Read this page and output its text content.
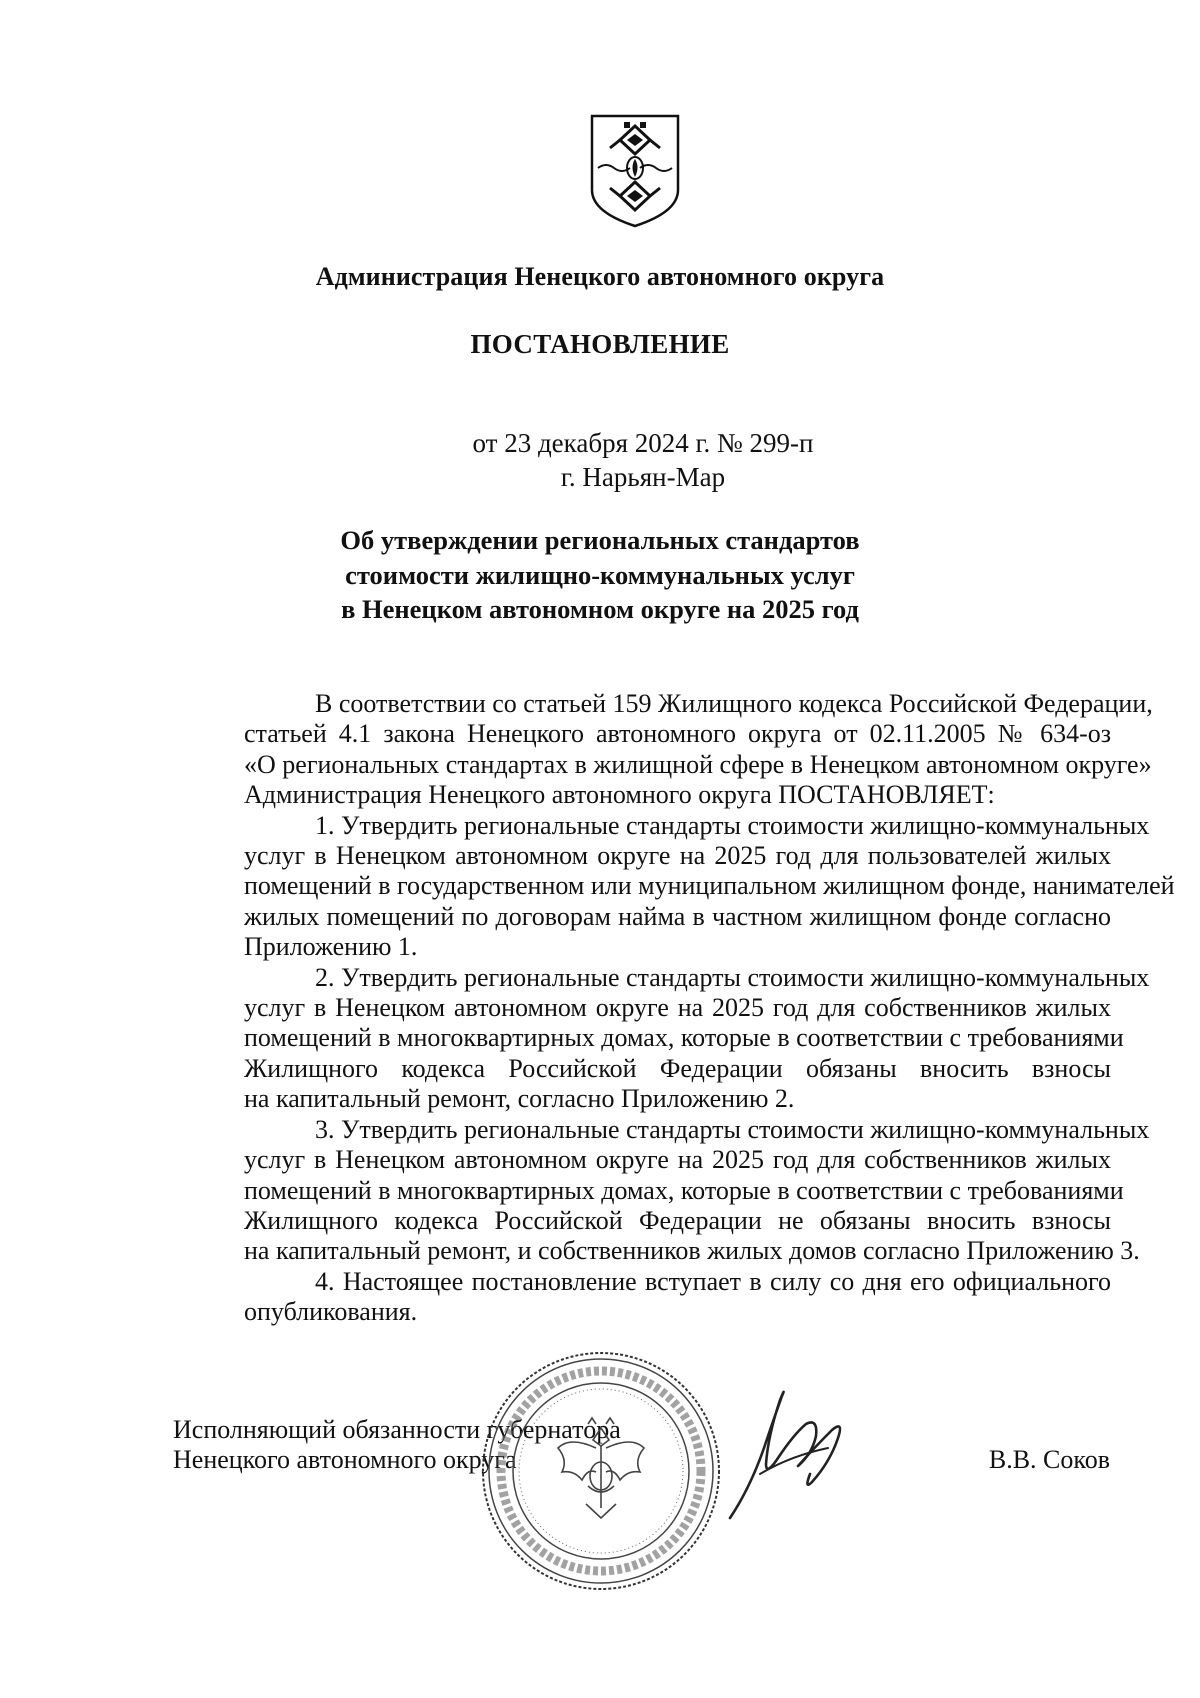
Администрация Ненецкого автономного округа
ПОСТАНОВЛЕНИЕ
от 23 декабря 2024 г. № 299-п
г. Нарьян-Мар
Об утверждении региональных стандартов
стоимости жилищно-коммунальных услуг
в Ненецком автономном округе на 2025 год
В соответствии со статьей 159 Жилищного кодекса Российской Федерации,
статьей 4.1 закона Ненецкого автономного округа от 02.11.2005 № 634-оз
«О региональных стандартах в жилищной сфере в Ненецком автономном округе»
Администрация Ненецкого автономного округа ПОСТАНОВЛЯЕТ:
1. Утвердить региональные стандарты стоимости жилищно-коммунальных
услуг в Ненецком автономном округе на 2025 год для пользователей жилых
помещений в государственном или муниципальном жилищном фонде, нанимателей
жилых помещений по договорам найма в частном жилищном фонде согласно
Приложению 1.
2. Утвердить региональные стандарты стоимости жилищно-коммунальных
услуг в Ненецком автономном округе на 2025 год для собственников жилых
помещений в многоквартирных домах, которые в соответствии с требованиями
Жилищного кодекса Российской Федерации обязаны вносить взносы
на капитальный ремонт, согласно Приложению 2.
3. Утвердить региональные стандарты стоимости жилищно-коммунальных
услуг в Ненецком автономном округе на 2025 год для собственников жилых
помещений в многоквартирных домах, которые в соответствии с требованиями
Жилищного кодекса Российской Федерации не обязаны вносить взносы
на капитальный ремонт, и собственников жилых домов согласно Приложению 3.
4. Настоящее постановление вступает в силу со дня его официального
опубликования.
Исполняющий обязанности губернатора
Ненецкого автономного округа	В.В. Соков
